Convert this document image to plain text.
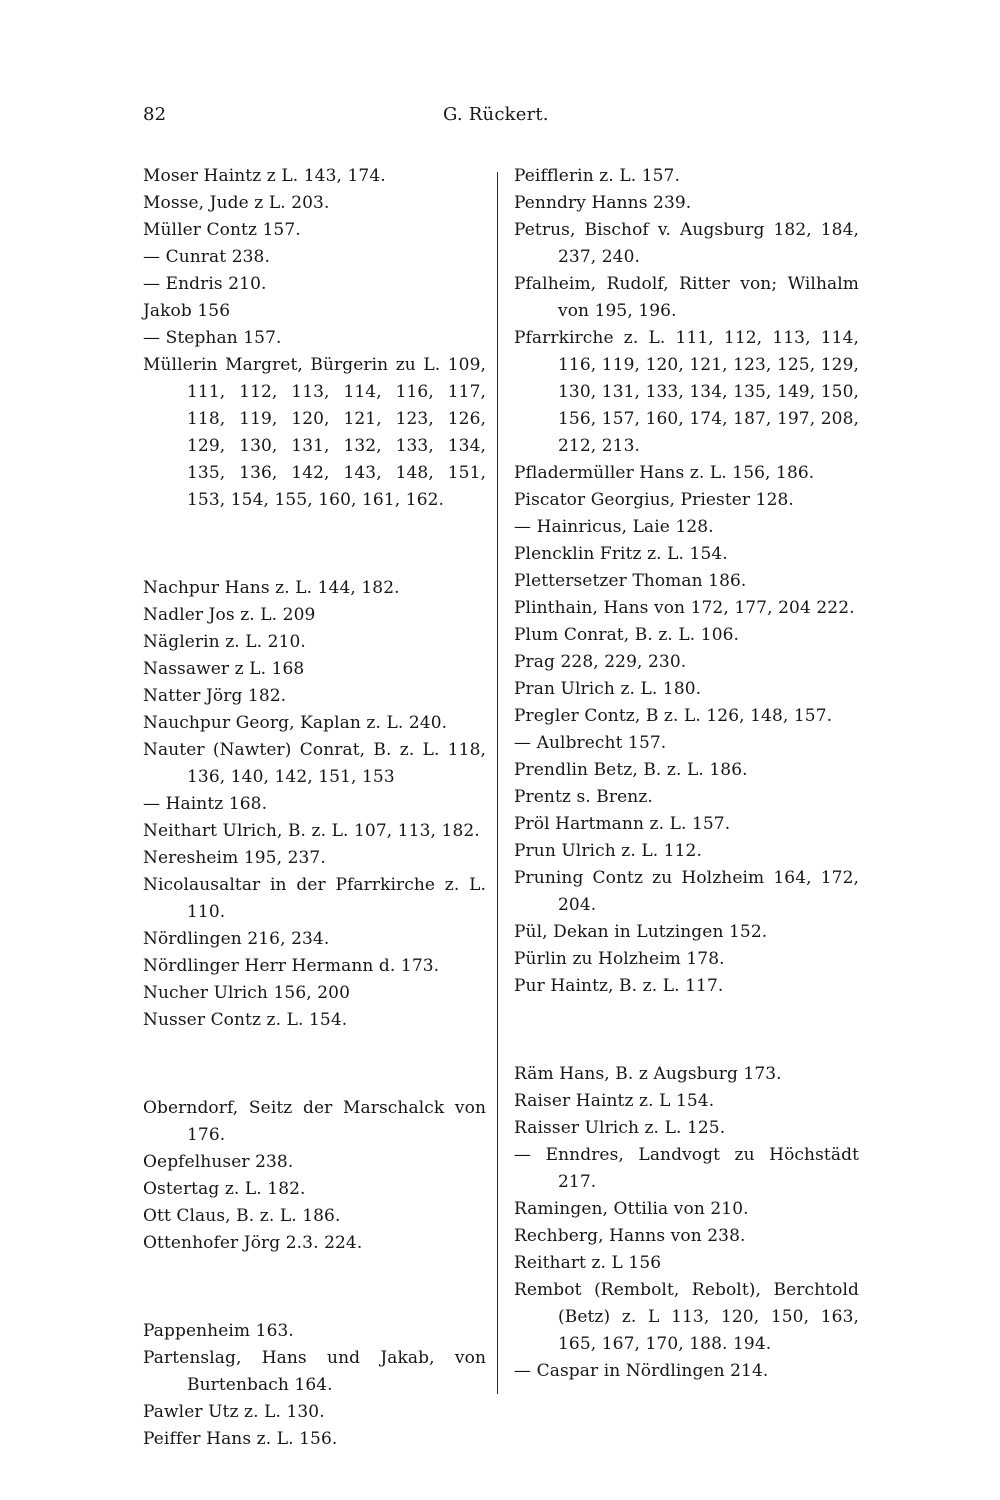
82	G. Rückert.

Moser Haintz z L. 143, 174.

Mosse, Jude z L. 203.

Müller Contz 157.

— Cunrat 238.

— Endris 210.

Jakob 156

— Stephan 157.

Müllerin Margret, Bürgerin zu L. 109, 111, 112, 113, 114, 116, 117, 118, 119, 120, 121, 123, 126, 129, 130, 131, 132, 133, 134, 135, 136, 142, 143, 148, 151, 153, 154, 155, 160, 161, 162.

Nachpur Hans z. L. 144, 182.

Nadler Jos z. L. 209

Näglerin z. L. 210.

Nassawer z L. 168

Natter Jörg 182.

Nauchpur Georg, Kaplan z. L. 240.

Nauter (Nawter) Conrat, B. z. L. 118, 136, 140, 142, 151, 153

— Haintz 168.

Neithart Ulrich, B. z. L. 107, 113, 182.

Neresheim 195, 237.

Nicolausaltar in der Pfarrkirche z. L. 110.

Nördlingen 216, 234.

Nördlinger Herr Hermann d. 173.

Nucher Ulrich 156, 200

Nusser Contz z. L. 154.

Oberndorf, Seitz der Marschalck von 176.

Oepfelhuser 238.

Ostertag z. L. 182.

Ott Claus, B. z. L. 186.

Ottenhofer Jörg 2.3. 224.

Pappenheim 163.

Partenslag, Hans und Jakab, von Burtenbach 164.

Pawler Utz z. L. 130.

Peiffer Hans z. L. 156.

Peifflerin z. L. 157.

Penndry Hanns 239.

Petrus, Bischof v. Augsburg 182, 184, 237, 240.

Pfalheim, Rudolf, Ritter von; Wilhalm von 195, 196.

Pfarrkirche z. L. 111, 112, 113, 114, 116, 119, 120, 121, 123, 125, 129, 130, 131, 133, 134, 135, 149, 150, 156, 157, 160, 174, 187, 197, 208, 212, 213.

Pfladermüller Hans z. L. 156, 186.

Piscator Georgius, Priester 128.

— Hainricus, Laie 128.

Plencklin Fritz z. L. 154.

Plettersetzer Thoman 186.

Plinthain, Hans von 172, 177, 204 222.

Plum Conrat, B. z. L. 106.

Prag 228, 229, 230.

Pran Ulrich z. L. 180.

Pregler Contz, B z. L. 126, 148, 157.

— Aulbrecht 157.

Prendlin Betz, B. z. L. 186.

Prentz s. Brenz.

Pröl Hartmann z. L. 157.

Prun Ulrich z. L. 112.

Pruning Contz zu Holzheim 164, 172, 204.

Pül, Dekan in Lutzingen 152.

Pürlin zu Holzheim 178.

Pur Haintz, B. z. L. 117.

Räm Hans, B. z Augsburg 173.

Raiser Haintz z. L 154.

Raisser Ulrich z. L. 125.

— Enndres, Landvogt zu Höchstädt 217.

Ramingen, Ottilia von 210.

Rechberg, Hanns von 238.

Reithart z. L 156

Rembot (Rembolt, Rebolt), Berchtold (Betz) z. L 113, 120, 150, 163, 165, 167, 170, 188. 194.

— Caspar in Nördlingen 214.
